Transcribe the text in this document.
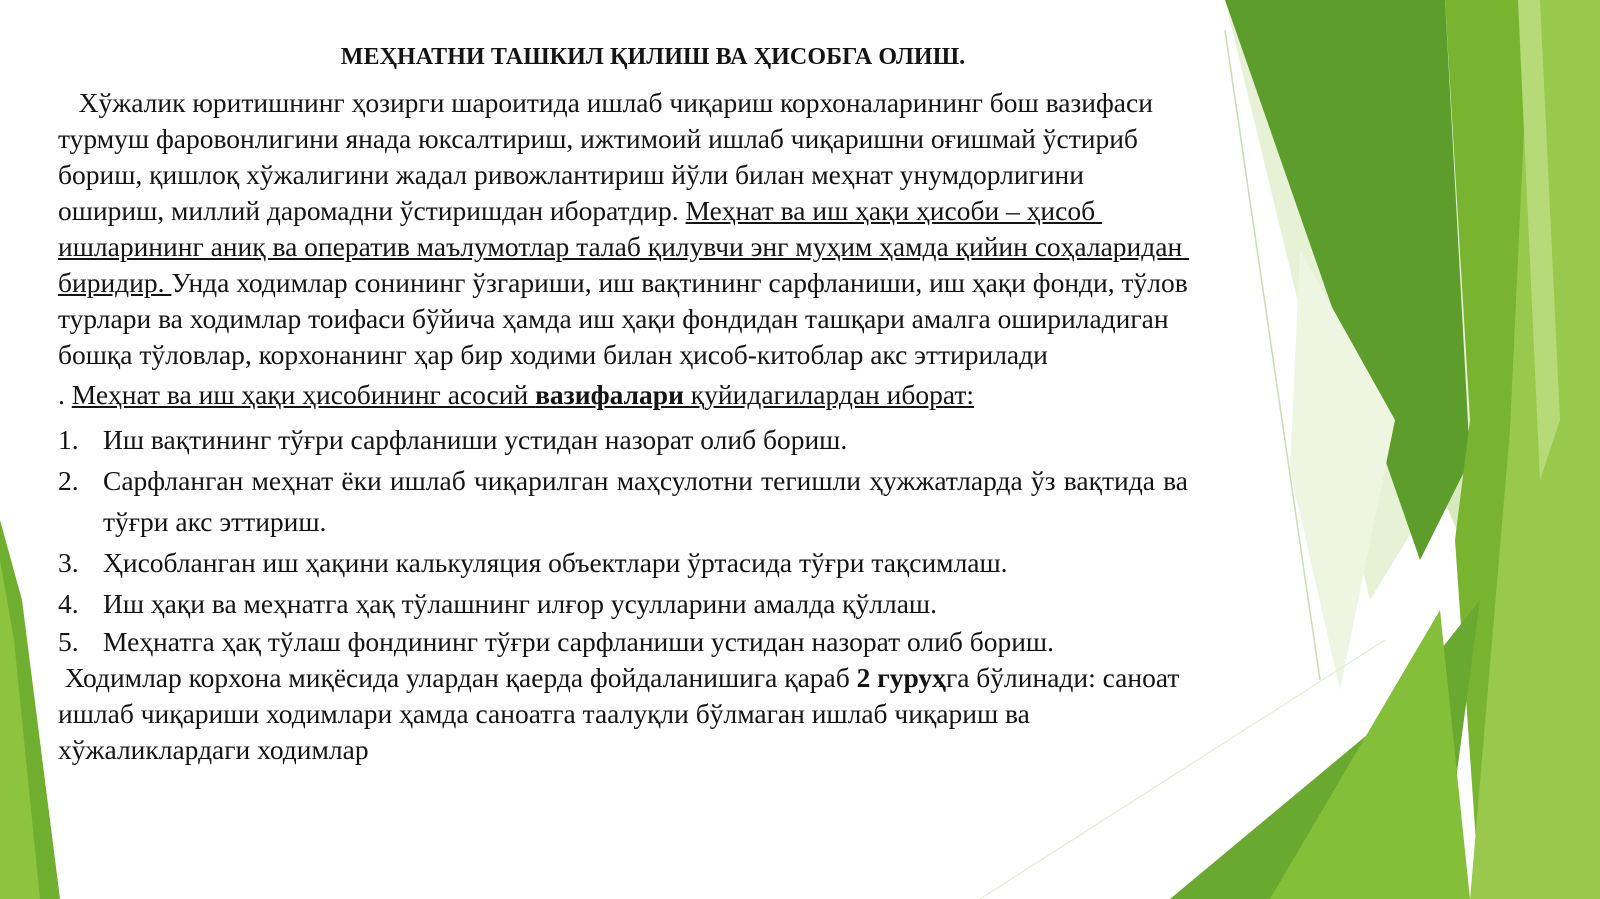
МЕҲНАТНИ ТАШКИЛ ҚИЛИШ ВА ҲИСОБГА ОЛИШ.

Хўжалик юритишнинг ҳозирги шароитида ишлаб чиқариш корхоналарининг бош вазифаси турмуш фаровонлигини янада юксалтириш, ижтимоий ишлаб чиқаришни оғишмай ўстириб бориш, қишлоқ хўжалигини жадал ривожлантириш йўли билан меҳнат унумдорлигини ошириш, миллий даромадни ўстиришдан иборатдир. Меҳнат ва иш ҳақи ҳисоби – ҳисоб ишларининг аниқ ва оператив маълумотлар талаб қилувчи энг муҳим ҳамда қийин соҳаларидан биридир. Унда ходимлар сонининг ўзгариши, иш вақтининг сарфланиши, иш ҳақи фонди, тўлов турлари ва ходимлар тоифаси бўйича ҳамда иш ҳақи фондидан ташқари амалга ошириладиган бошқа тўловлар, корхонанинг ҳар бир ходими билан ҳисоб-китоблар акс эттирилади

. Меҳнат ва иш ҳақи ҳисобининг асосий вазифалари қуйидагилардан иборат:

1. Иш вақтининг тўғри сарфланиши устидан назорат олиб бориш.
2. Сарфланган меҳнат ёки ишлаб чиқарилган маҳсулотни тегишли ҳужжатларда ўз вақтида ва тўғри акс эттириш.
3. Ҳисобланган иш ҳақини калькуляция объектлари ўртасида тўғри тақсимлаш.
4. Иш ҳақи ва меҳнатга ҳақ тўлашнинг илғор усулларини амалда қўллаш.
5. Меҳнатга ҳақ тўлаш фондининг тўғри сарфланиши устидан назорат олиб бориш.

Ходимлар корхона миқёсида улардан қаерда фойдаланишига қараб 2 гуруҳга бўлинади: саноат ишлаб чиқариши ходимлари ҳамда саноатга таалуқли бўлмаган ишлаб чиқариш ва хўжаликлардаги ходимлар
